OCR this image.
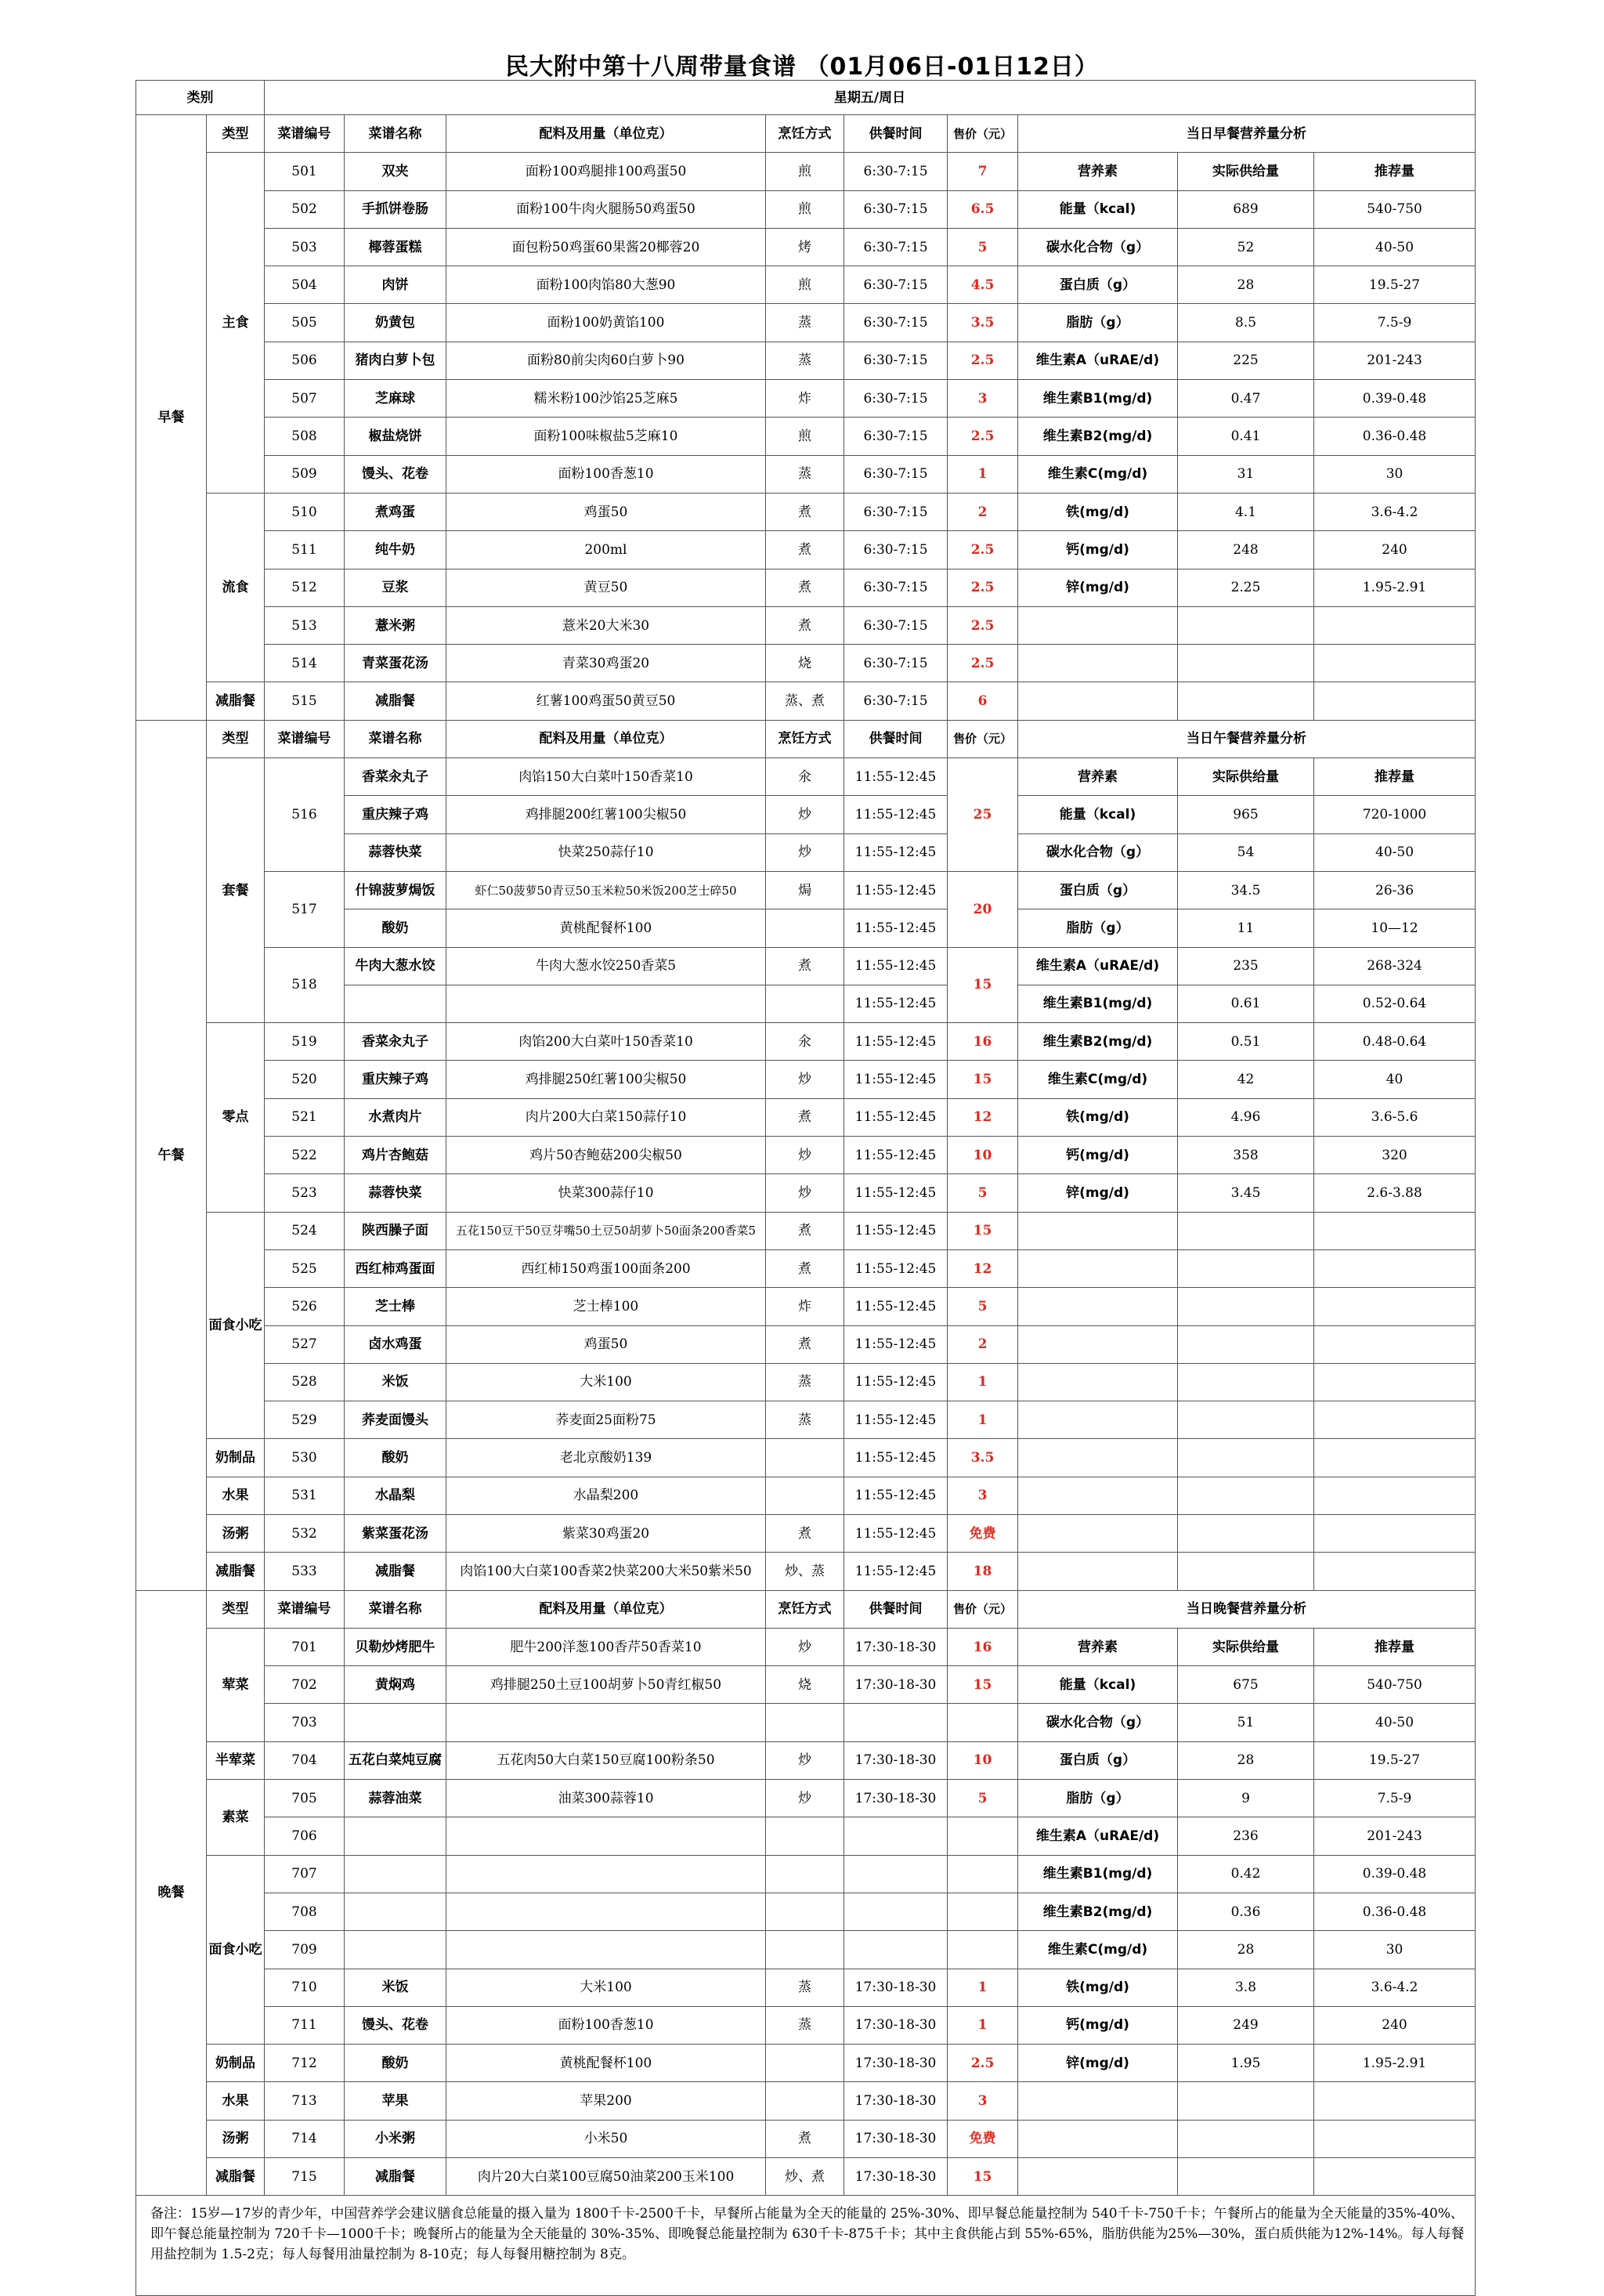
民大附中第十八周带量食谱 （01月06日-01日12日）
类别		星期五/周日								
早餐	类型	菜谱编号	菜谱名称	配料及用量（单位克）	烹饪方式	供餐时间	售价（元）	当日早餐营养量分析		
	主食	501	双夹	面粉100鸡腿排100鸡蛋50	煎	6:30-7:15	7	营养素	实际供给量	推荐量
		502	手抓饼卷肠	面粉100牛肉火腿肠50鸡蛋50	煎	6:30-7:15	6.5	能量（kcal)	689	540-750
		503	椰蓉蛋糕	面包粉50鸡蛋60果酱20椰蓉20	烤	6:30-7:15	5	碳水化合物（g）	52	40-50
		504	肉饼	面粉100肉馅80大葱90	煎	6:30-7:15	4.5	蛋白质（g）	28	19.5-27
		505	奶黄包	面粉100奶黄馅100	蒸	6:30-7:15	3.5	脂肪（g）	8.5	7.5-9
		506	猪肉白萝卜包	面粉80前尖肉60白萝卜90	蒸	6:30-7:15	2.5	维生素A（uRAE/d)	225	201-243
		507	芝麻球	糯米粉100沙馅25芝麻5	炸	6:30-7:15	3	维生素B1(mg/d)	0.47	0.39-0.48
		508	椒盐烧饼	面粉100味椒盐5芝麻10	煎	6:30-7:15	2.5	维生素B2(mg/d)	0.41	0.36-0.48
		509	馒头、花卷	面粉100香葱10	蒸	6:30-7:15	1	维生素C(mg/d)	31	30
	流食	510	煮鸡蛋	鸡蛋50	煮	6:30-7:15	2	铁(mg/d)	4.1	3.6-4.2
		511	纯牛奶	200ml	煮	6:30-7:15	2.5	钙(mg/d)	248	240
		512	豆浆	黄豆50	煮	6:30-7:15	2.5	锌(mg/d)	2.25	1.95-2.91
		513	薏米粥	薏米20大米30	煮	6:30-7:15	2.5			
		514	青菜蛋花汤	青菜30鸡蛋20	烧	6:30-7:15	2.5			
	减脂餐	515	减脂餐	红薯100鸡蛋50黄豆50	蒸、煮	6:30-7:15	6			
午餐	类型	菜谱编号	菜谱名称	配料及用量（单位克）	烹饪方式	供餐时间	售价（元）	当日午餐营养量分析		
	套餐	516	香菜汆丸子	肉馅150大白菜叶150香菜10	氽	11:55-12:45	25	营养素	实际供给量	推荐量
			重庆辣子鸡	鸡排腿200红薯100尖椒50	炒	11:55-12:45		能量（kcal)	965	720-1000
			蒜蓉快菜	快菜250蒜仔10	炒	11:55-12:45		碳水化合物（g）	54	40-50
		517	什锦菠萝焗饭	虾仁50菠萝50青豆50玉米粒50米饭200芝士碎50	焗	11:55-12:45	20	蛋白质（g）	34.5	26-36
			酸奶	黄桃配餐杯100		11:55-12:45		脂肪（g）	11	10—12
		518	牛肉大葱水饺	牛肉大葱水饺250香菜5	煮	11:55-12:45	15	维生素A（uRAE/d)	235	268-324
						11:55-12:45		维生素B1(mg/d)	0.61	0.52-0.64
	零点	519	香菜汆丸子	肉馅200大白菜叶150香菜10	氽	11:55-12:45	16	维生素B2(mg/d)	0.51	0.48-0.64
		520	重庆辣子鸡	鸡排腿250红薯100尖椒50	炒	11:55-12:45	15	维生素C(mg/d)	42	40
		521	水煮肉片	肉片200大白菜150蒜仔10	煮	11:55-12:45	12	铁(mg/d)	4.96	3.6-5.6
		522	鸡片杏鲍菇	鸡片50杏鲍菇200尖椒50	炒	11:55-12:45	10	钙(mg/d)	358	320
		523	蒜蓉快菜	快菜300蒜仔10	炒	11:55-12:45	5	锌(mg/d)	3.45	2.6-3.88
	面食小吃	524	陕西臊子面	五花150豆干50豆芽嘴50土豆50胡萝卜50面条200香菜5	煮	11:55-12:45	15			
		525	西红柿鸡蛋面	西红柿150鸡蛋100面条200	煮	11:55-12:45	12			
		526	芝士棒	芝士棒100	炸	11:55-12:45	5			
		527	卤水鸡蛋	鸡蛋50	煮	11:55-12:45	2			
		528	米饭	大米100	蒸	11:55-12:45	1			
		529	荞麦面馒头	荞麦面25面粉75	蒸	11:55-12:45	1			
	奶制品	530	酸奶	老北京酸奶139		11:55-12:45	3.5			
	水果	531	水晶梨	水晶梨200		11:55-12:45	3			
	汤粥	532	紫菜蛋花汤	紫菜30鸡蛋20	煮	11:55-12:45	免费			
	减脂餐	533	减脂餐	肉馅100大白菜100香菜2快菜200大米50紫米50	炒、蒸	11:55-12:45	18			
晚餐	类型	菜谱编号	菜谱名称	配料及用量（单位克）	烹饪方式	供餐时间	售价（元）	当日晚餐营养量分析		
	荤菜	701	贝勒炒烤肥牛	肥牛200洋葱100香芹50香菜10	炒	17:30-18-30	16	营养素	实际供给量	推荐量
		702	黄焖鸡	鸡排腿250土豆100胡萝卜50青红椒50	烧	17:30-18-30	15	能量（kcal)	675	540-750
		703						碳水化合物（g）	51	40-50
	半荤菜	704	五花白菜炖豆腐	五花肉50大白菜150豆腐100粉条50	炒	17:30-18-30	10	蛋白质（g）	28	19.5-27
	素菜	705	蒜蓉油菜	油菜300蒜蓉10	炒	17:30-18-30	5	脂肪（g）	9	7.5-9
		706						维生素A（uRAE/d)	236	201-243
	面食小吃	707						维生素B1(mg/d)	0.42	0.39-0.48
		708						维生素B2(mg/d)	0.36	0.36-0.48
		709						维生素C(mg/d)	28	30
		710	米饭	大米100	蒸	17:30-18-30	1	铁(mg/d)	3.8	3.6-4.2
		711	馒头、花卷	面粉100香葱10	蒸	17:30-18-30	1	钙(mg/d)	249	240
	奶制品	712	酸奶	黄桃配餐杯100		17:30-18-30	2.5	锌(mg/d)	1.95	1.95-2.91
	水果	713	苹果	苹果200		17:30-18-30	3			
	汤粥	714	小米粥	小米50	煮	17:30-18-30	免费			
	减脂餐	715	减脂餐	肉片20大白菜100豆腐50油菜200玉米100	炒、煮	17:30-18-30	15			
备注：15岁—17岁的青少年，中国营养学会建议膳食总能量的摄入量为 1800千卡-2500千卡，早餐所占能量为全天的能量的 25%-30%、即早餐总能量控制为 540千卡-750千卡；午餐所占的能量为全天能量的35%-40%、即午餐总能量控制为 720千卡—1000千卡；晚餐所占的能量为全天能量的 30%-35%、即晚餐总能量控制为 630千卡-875千卡；其中主食供能占到 55%-65%，脂肪供能为25%—30%，蛋白质供能为12%-14%。每人每餐用盐控制为 1.5-2克；每人每餐用油量控制为 8-10克；每人每餐用糖控制为 8克。										
